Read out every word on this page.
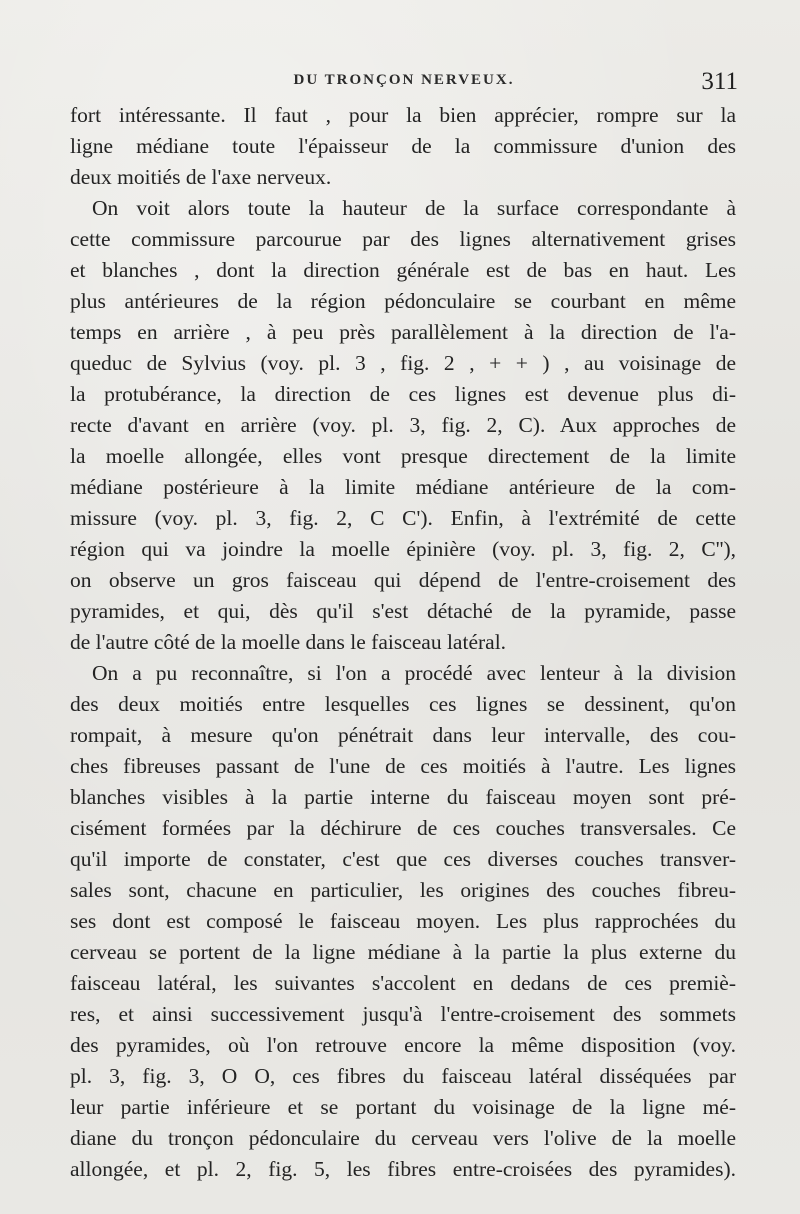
DU TRONÇON NERVEUX.	311
fort intéressante. Il faut , pour la bien apprécier, rompre sur la
ligne médiane toute l'épaisseur de la commissure d'union des
deux moitiés de l'axe nerveux.
On voit alors toute la hauteur de la surface correspondante à
cette commissure parcourue par des lignes alternativement grises
et blanches , dont la direction générale est de bas en haut. Les
plus antérieures de la région pédonculaire se courbant en même
temps en arrière , à peu près parallèlement à la direction de l'a-
queduc de Sylvius (voy. pl. 3 , fig. 2 , + + ) , au voisinage de
la protubérance, la direction de ces lignes est devenue plus di-
recte d'avant en arrière (voy. pl. 3, fig. 2, C). Aux approches de
la moelle allongée, elles vont presque directement de la limite
médiane postérieure à la limite médiane antérieure de la com-
missure (voy. pl. 3, fig. 2, C C'). Enfin, à l'extrémité de cette
région qui va joindre la moelle épinière (voy. pl. 3, fig. 2, C''),
on observe un gros faisceau qui dépend de l'entre-croisement des
pyramides, et qui, dès qu'il s'est détaché de la pyramide, passe
de l'autre côté de la moelle dans le faisceau latéral.
On a pu reconnaître, si l'on a procédé avec lenteur à la division
des deux moitiés entre lesquelles ces lignes se dessinent, qu'on
rompait, à mesure qu'on pénétrait dans leur intervalle, des cou-
ches fibreuses passant de l'une de ces moitiés à l'autre. Les lignes
blanches visibles à la partie interne du faisceau moyen sont pré-
cisément formées par la déchirure de ces couches transversales. Ce
qu'il importe de constater, c'est que ces diverses couches transver-
sales sont, chacune en particulier, les origines des couches fibreu-
ses dont est composé le faisceau moyen. Les plus rapprochées du
cerveau se portent de la ligne médiane à la partie la plus externe du
faisceau latéral, les suivantes s'accolent en dedans de ces premiè-
res, et ainsi successivement jusqu'à l'entre-croisement des sommets
des pyramides, où l'on retrouve encore la même disposition (voy.
pl. 3, fig. 3, O O, ces fibres du faisceau latéral disséquées par
leur partie inférieure et se portant du voisinage de la ligne mé-
diane du tronçon pédonculaire du cerveau vers l'olive de la moelle
allongée, et pl. 2, fig. 5, les fibres entre-croisées des pyramides).
